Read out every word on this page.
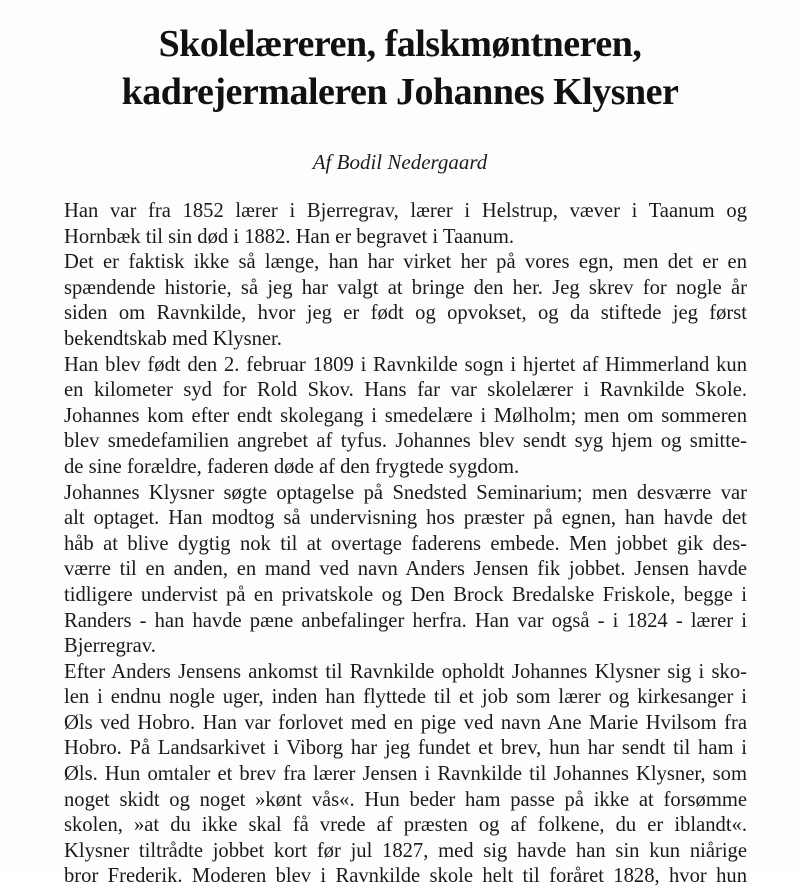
Skolelæreren, falskmøntneren,
kadrejermaleren Johannes Klysner
Af Bodil Nedergaard
Han var fra 1852 lærer i Bjerregrav, lærer i Helstrup, væver i Taanum og
Hornbæk til sin død i 1882. Han er begravet i Taanum.
Det er faktisk ikke så længe, han har virket her på vores egn, men det er en
spændende historie, så jeg har valgt at bringe den her. Jeg skrev for nogle år
siden om Ravnkilde, hvor jeg er født og opvokset, og da stiftede jeg først
bekendtskab med Klysner.
Han blev født den 2. februar 1809 i Ravnkilde sogn i hjertet af Himmerland kun
en kilometer syd for Rold Skov. Hans far var skolelærer i Ravnkilde Skole.
Johannes kom efter endt skolegang i smedelære i Mølholm; men om sommeren
blev smedefamilien angrebet af tyfus. Johannes blev sendt syg hjem og smitte-
de sine forældre, faderen døde af den frygtede sygdom.
Johannes Klysner søgte optagelse på Snedsted Seminarium; men desværre var
alt optaget. Han modtog så undervisning hos præster på egnen, han havde det
håb at blive dygtig nok til at overtage faderens embede. Men jobbet gik des-
værre til en anden, en mand ved navn Anders Jensen fik jobbet. Jensen havde
tidligere undervist på en privatskole og Den Brock Bredalske Friskole, begge i
Randers - han havde pæne anbefalinger herfra. Han var også - i 1824 - lærer i
Bjerregrav.
Efter Anders Jensens ankomst til Ravnkilde opholdt Johannes Klysner sig i sko-
len i endnu nogle uger, inden han flyttede til et job som lærer og kirkesanger i
Øls ved Hobro. Han var forlovet med en pige ved navn Ane Marie Hvilsom fra
Hobro. På Landsarkivet i Viborg har jeg fundet et brev, hun har sendt til ham i
Øls. Hun omtaler et brev fra lærer Jensen i Ravnkilde til Johannes Klysner, som
noget skidt og noget »kønt vås«. Hun beder ham passe på ikke at forsømme
skolen, »at du ikke skal få vrede af præsten og af folkene, du er iblandt«.
Klysner tiltrådte jobbet kort før jul 1827, med sig havde han sin kun niårige
bror Frederik. Moderen blev i Ravnkilde skole helt til foråret 1828, hvor hun
